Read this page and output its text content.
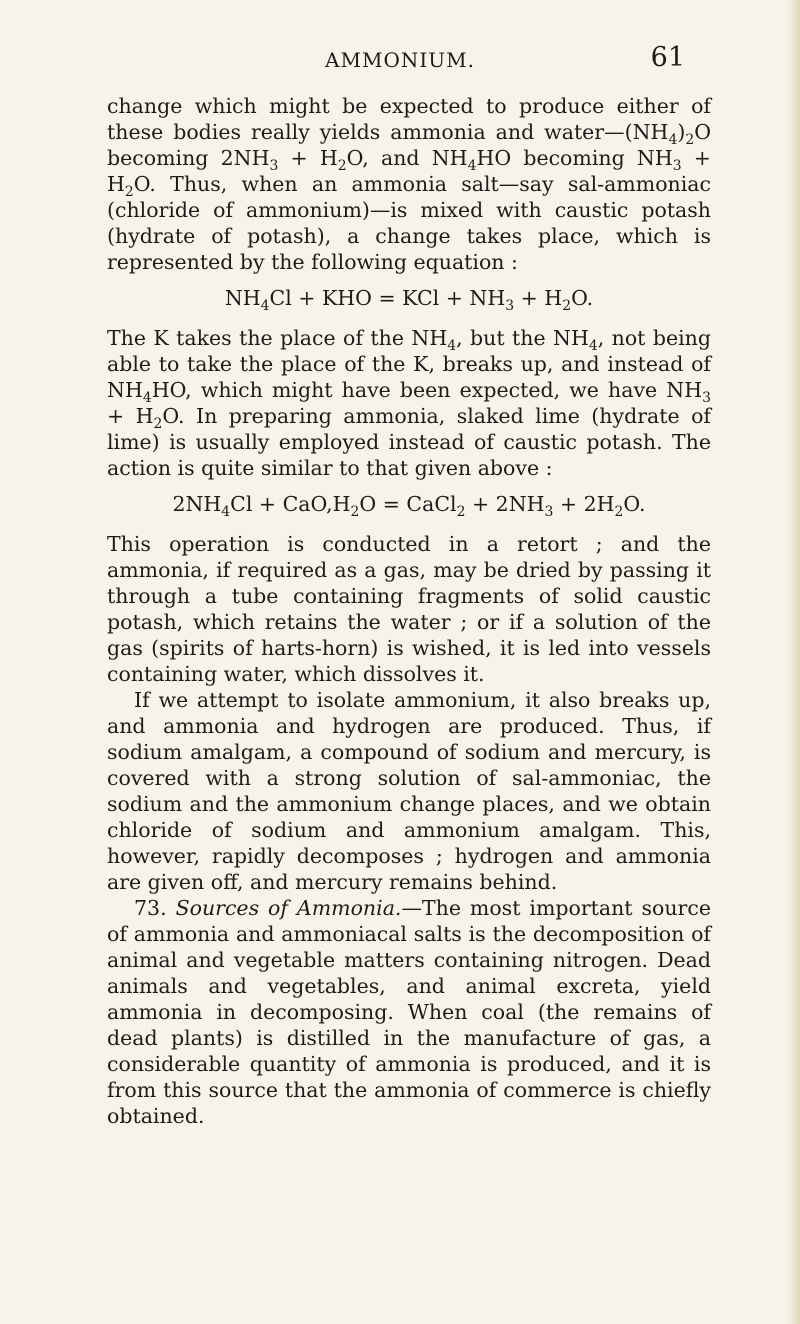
AMMONIUM.	61

change which might be expected to produce either of these bodies really yields ammonia and $water—(NH_4)_2O$ becoming $2NH_3 + H_2O$, and $NH_4HO$ becoming $NH_3 + H_2O$. Thus, when an ammonia salt—say sal-ammoniac (chloride of ammonium)—is mixed with caustic potash (hydrate of potash), a change takes place, which is represented by the following equation :

$NH_4Cl$ + KHO = KCl + $NH_3 + H_2O$.

The K takes the place of the $NH_4$, but the $NH_4$, not being able to take the place of the K, breaks up, and instead of $NH_4HO$, which might have been expected, we have $NH_3 + H_2O$. In preparing ammonia, slaked lime (hydrate of lime) is usually employed instead of caustic potash. The action is quite similar to that given above :

$2NH_4Cl + CaO,H_2O$ = CaCl$_2$ + $2NH_3 + 2H_2O$.

This operation is conducted in a retort ; and the ammonia, if required as a gas, may be dried by passing it through a tube containing fragments of solid caustic potash, which retains the water ; or if a solution of the gas (spirits of harts-horn) is wished, it is led into vessels containing water, which dissolves it.

If we attempt to isolate ammonium, it also breaks up, and ammonia and hydrogen are produced. Thus, if sodium amalgam, a compound of sodium and mercury, is covered with a strong solution of sal-ammoniac, the sodium and the ammonium change places, and we obtain chloride of sodium and ammonium amalgam. This, however, rapidly decomposes ; hydrogen and ammonia are given off, and mercury remains behind.

73. Sources of Ammonia.—The most important source of ammonia and ammoniacal salts is the decomposition of animal and vegetable matters containing nitrogen. Dead animals and vegetables, and animal excreta, yield ammonia in decomposing. When coal (the remains of dead plants) is distilled in the manufacture of gas, a considerable quantity of ammonia is produced, and it is from this source that the ammonia of commerce is chiefly obtained.
